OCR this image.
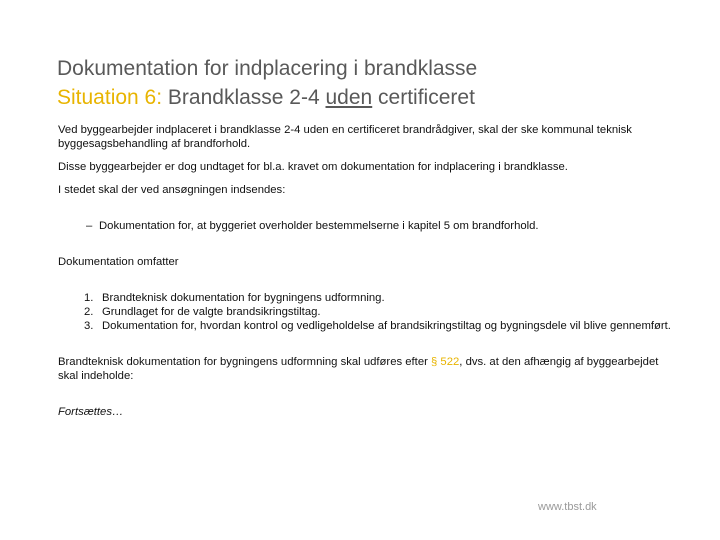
Dokumentation for indplacering i brandklasse
Situation 6: Brandklasse 2-4 uden certificeret

Ved byggearbejder indplaceret i brandklasse 2-4 uden en certificeret brandrådgiver, skal der ske kommunal teknisk byggesagsbehandling af brandforhold.

Disse byggearbejder er dog undtaget for bl.a. kravet om dokumentation for indplacering i brandklasse.

I stedet skal der ved ansøgningen indsendes:

– Dokumentation for, at byggeriet overholder bestemmelserne i kapitel 5 om brandforhold.

Dokumentation omfatter

1. Brandteknisk dokumentation for bygningens udformning.
2. Grundlaget for de valgte brandsikringstiltag.
3. Dokumentation for, hvordan kontrol og vedligeholdelse af brandsikringstiltag og bygningsdele vil blive gennemført.

Brandteknisk dokumentation for bygningens udformning skal udføres efter § 522, dvs. at den afhængig af byggearbejdet skal indeholde:

Fortsættes…

www.tbst.dk
